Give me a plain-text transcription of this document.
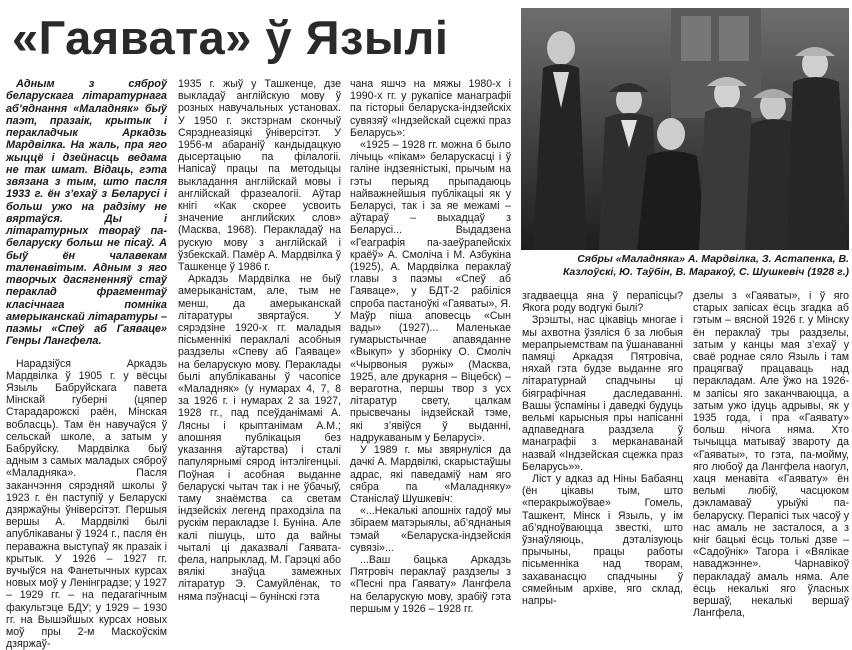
«Гаявата» ў Язылі

Адным з сяброў беларускага літаратурнага аб’яднання «Маладняк» быў паэт, празаік, крытык і перакладчык Аркадзь Мардвілка. На жаль, пра яго жыццё і дзейнасць ведама не так шмат. Відаць, гэта звязана з тым, што пасля 1933 г. ён з’ехаў з Беларусі і больш ужо на радзіму не вяртаўся. Ды і літаратурных твораў па-беларуску больш не пісаў. А быў ён чалавекам таленавітым. Адным з яго творчых дасягненняў стаў пераклад фрагментаў класічнага помніка амерыканскай літаратуры – паэмы «Спеў аб Гаяваце» Генры Лангфела.

Нарадзіўся Аркадзь Мардвілка ў 1905 г. у вёсцы Языль Бабруйскага павета Мінскай губерні (цяпер Старадарожскі раён, Мінская вобласць). Там ён навучаўся ў сельскай школе, а затым у Бабруйску. Мардвілка быў адным з самых маладых сяброў «Маладняка». Пасля заканчэння сярэдняй школы ў 1923 г. ён паступіў у Беларускі дзяржаўны ўніверсітэт. Першыя вершы А. Мардвілкі былі апублікаваны ў 1924 г., пасля ён пераважна выступаў як празаік і крытык. У 1926 – 1927 гг. вучыўся на Фанетычных курсах новых моў у Ленінградзе; у 1927 – 1929 гг. – на педагагічным факультэце БДУ; у 1929 – 1930 гг. на Вышэйшых курсах новых моў пры 2-м Маскоўскім дзяржаў-

1935 г. жыў у Ташкенце, дзе выкладаў англійскую мову ў розных навучальных установах. У 1950 г. экстэрнам скончыў Сярэднеазіяцкі ўніверсітэт. У 1956-м абараніў кандыдацкую дысертацыю па філалогіі. Напісаў працы па методыцы выкладання англійскай мовы і англійскай фразеалогіі. Аўтар кнігі «Как скорее усвоить значение английских слов» (Масква, 1968). Перакладаў на рускую мову з англійскай і ўзбекскай. Памёр А. Мардвілка ў Ташкенце ў 1986 г.

Аркадзь Мардвілка не быў амерыканістам, але, тым не менш, да амерыканскай літаратуры звяртаўся. У сярэдзіне 1920-х гг. маладыя пісьменнікі пераклалі асобныя раздзелы «Спеву аб Гаяваце» на беларускую мову. Пераклады былі апублікаваны ў часопісе «Маладняк» (у нумарах 4, 7, 8 за 1926 г. і нумарах 2 за 1927, 1928 гг., пад псеўданімамі А. Лясны і крыптанімам А.М.; апошняя публікацыя без указання аўтарства) і сталі папулярнымі сярод інтэлігенцыі. Поўная і асобная выданне беларускі чытач так і не ўбачыў, таму знаёмства са светам індзейскіх легенд праходзіла па рускім перакладзе І. Буніна. Але калі пішуць, што да вайны чыталі ці даказвалі Гаявата-фела, напрыклад, М. Гарэцкі або вялікі знаўца замежных літаратур Э. Самуйлёнак, то няма пэўнасці – бунінскі гэта

чана яшчэ на мяжы 1980-х і 1990-х гг. у рукапісе манаграфіі па гісторыі беларуска-індзейскіх сувязяў «Індзейскай сцежкі праз Беларусь»:

«1925 – 1928 гг. можна б было лічыць «пікам» беларускасці і ў галіне індзеяністыкі, прычым на гэты перыяд прыпадаюць найважнейшыя публікацыі як у Беларусі, так і за яе межамі – аўтараў – выхадцаў з Беларусі... Выдадзена «Геаграфія па-заеўрапейскіх краёў» А. Смоліча і М. Азбукіна (1925), А. Мардвілка пераклаў главы з паэмы «Спеў аб Гаяваце», у БДТ-2 рабіліся спроба пастаноўкі «Гаяваты», Я. Маўр піша аповесць «Сын вады» (1927)... Маленькае гумарыстычнае апавяданне «Выкуп» у зборніку О. Смоліч «Чырвоныя ружы» (Масква, 1925, але друкарня – Віцебск) – вераготна, першы твор з усх літаратур свету, цалкам прысвечаны індзейскай тэме, які з’явіўся ў выданні, надрукаваным у Беларусі».

У 1989 г. мы звярнуліся да дачкі А. Мардвілкі, скарыстаўшы адрас, які паведаміў нам яго сябра па «Маладняку» Станіслаў Шушкевіч:

«...Некалькі апошніх гадоў мы збіраем матэрыялы, аб’яднаныя тэмай «Беларуска-індзейскія сувязі»...

...Ваш бацька Аркадзь Пятровіч пераклаў раздзелы з «Песні пра Гаявату» Лангфела на беларускую мову, зрабіў гэта першым у 1926 – 1928 гг.

Сябры «Маладняка» А. Мардвілка, З. Астапенка, В. Казлоўскі, Ю. Таўбін, В. Маракоў, С. Шушкевіч (1928 г.)

згадваецца яна ў перапісцы? Якога роду водгукі былі?

Зрэшты, нас цікавіць многае і мы ахвотна ўзяліся б за любыя мерапрыемствам па ўшанаванні памяці Аркадзя Пятровіча, няхай гэта будзе выданне яго літаратурнай спадчыны ці біяграфічная даследаванні. Вашы ўспаміны і даведкі будуць вельмі карысныя пры напісанні адпаведнага раздзела ў манаграфіі з мерканаванай назвай «Індзейская сцежка праз Беларусь»».

Ліст у адказ ад Ніны Бабаянц (ён цікавы тым, што «перакрыжоўвае» Гомель, Ташкент, Мінск і Языль, у ім аб’ядноўваюцца звесткі, што ўзнаўляюць, дэталізуюць прычыны, працы работы пісьменніка над творам, захаванасцю спадчыны ў сямейным архіве, яго склад, напры-

дзелы з «Гаяваты», і ў яго старых запісах ёсць згадка аб гэтым – вясной 1926 г. у Мінску ён пераклаў тры раздзелы, затым у канцы мая з’ехаў у сваё роднае сяло Языль і там працягваў працаваць над перакладам. Але ўжо на 1926-м запісы яго заканчваюцца, а затым ужо ідуць адрывы, як у 1935 года, і пра «Гаявату» больш нічога няма. Хто тычыцца матываў звароту да «Гаяваты», то гэта, па-мойму, яго любоў да Лангфела наогул, хаця менавіта «Гаявату» ён вельмі любіў, часцюком дэкламаваў урыўкі па-беларуску. Перапісі тых часоў у нас амаль не засталося, а з кніг бацькі ёсць толькі дзве – «Садоўнік» Тагора і «Вялікае наваджэнне». Чарнавікоў перакладаў амаль няма. Але ёсць некалькі яго ўласных вершаў, некалькі вершаў Лангфела,
